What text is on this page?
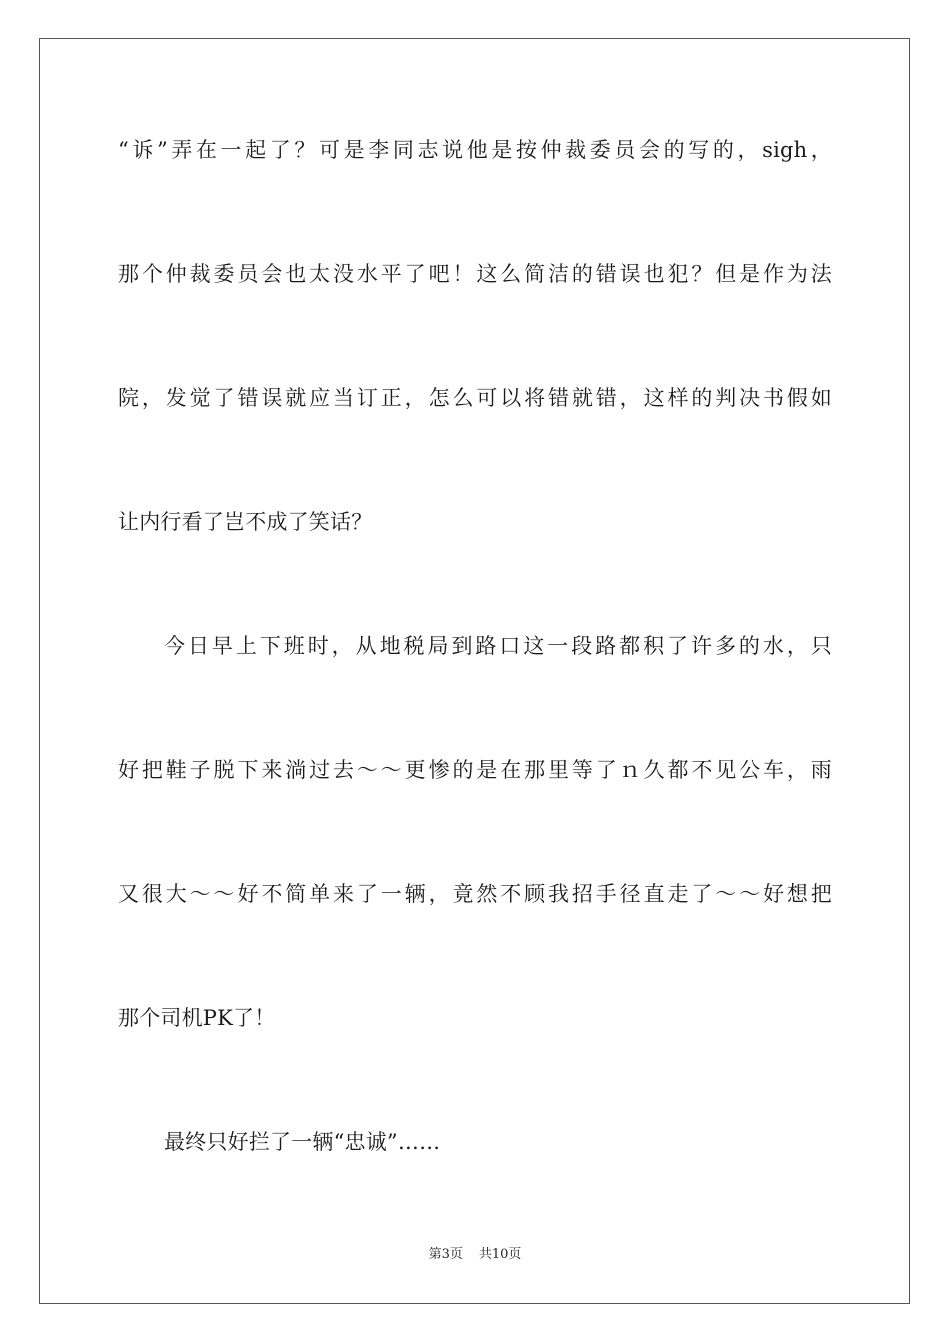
“诉”弄在一起了？可是李同志说他是按仲裁委员会的写的，sigh，
那个仲裁委员会也太没水平了吧！这么简洁的错误也犯？但是作为法
院，发觉了错误就应当订正，怎么可以将错就错，这样的判决书假如
让内行看了岂不成了笑话？
今日早上下班时，从地税局到路口这一段路都积了许多的水，只
好把鞋子脱下来淌过去～～更惨的是在那里等了ｎ久都不见公车，雨
又很大～～好不简单来了一辆，竟然不顾我招手径直走了～～好想把
那个司机PK了！
最终只好拦了一辆“忠诚”……
第3页 共10页
